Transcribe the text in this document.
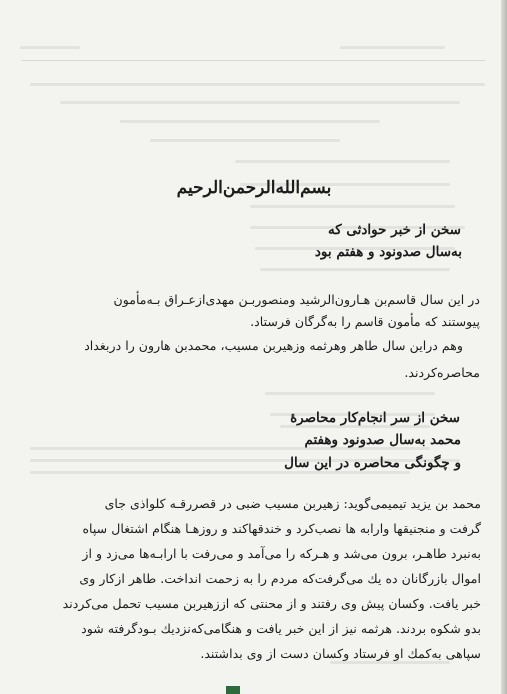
بسم‌الله‌الرحمن‌الرحیم
سخن از خبر حوادثی که
به‌سال صدونود و هفتم بود
در این سال قاسم‌بن هـارون‌الرشید ومنصوربـن مهدی‌ازعـراق بـه‌مأمون
پیوستند که مأمون قاسم را به‌گرگان فرستاد.
وهم دراین سال طاهر وهرثمه وزهیربن مسیب، محمدبن هارون را دربغداد
محاصره‌کردند.
سخن از سر انجام‌کار محاصرهٔ
محمد به‌سال صدونود وهفتم
و چگونگی محاصره در این سال
محمد بن یزید تیمیمی‌گوید: زهیربن مسیب ضبی در قصررقـه کلواذی جای
گرفت و منجنیقها وارابه ها نصب‌کرد و خندقهاکند و روزهـا هنگام اشتغال سپاه
به‌نبرد طاهـر، برون می‌شد و هـرکه را می‌آمد و می‌رفت با ارابـه‌ها می‌زد و از
اموال بازرگانان ده یك می‌گرفت‌که مردم را به زحمت انداخت. طاهر ازکار وی
خبر یافت. وکسان پیش وی رفتند و از محنتی که اززهیربن مسیب تحمل می‌کردند
بدو شکوه بردند. هرثمه نیز از این خبر یافت و هنگامی‌که‌نزدیك بـودگرفته شود
سپاهی به‌کمك او فرستاد وکسان دست از وی بداشتند.
